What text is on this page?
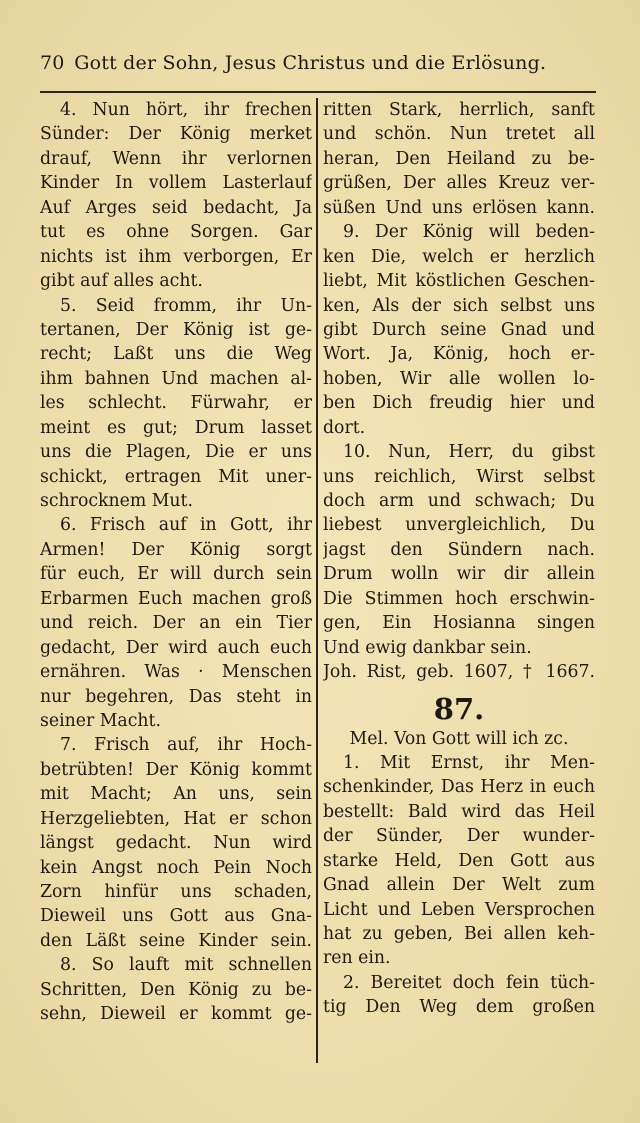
70 Gott der Sohn, Jesus Christus und die Erlösung.
4. Nun hört, ihr frechen
Sünder: Der König merket
drauf, Wenn ihr verlornen
Kinder In vollem Lasterlauf
Auf Arges seid bedacht, Ja
tut es ohne Sorgen. Gar
nichts ist ihm verborgen, Er
gibt auf alles acht.
5. Seid fromm, ihr Un-
tertanen, Der König ist ge-
recht; Laßt uns die Weg
ihm bahnen Und machen al-
les schlecht. Fürwahr, er
meint es gut; Drum lasset
uns die Plagen, Die er uns
schickt, ertragen Mit uner-
schrocknem Mut.
6. Frisch auf in Gott, ihr
Armen! Der König sorgt
für euch, Er will durch sein
Erbarmen Euch machen groß
und reich. Der an ein Tier
gedacht, Der wird auch euch
ernähren. Was · Menschen
nur begehren, Das steht in
seiner Macht.
7. Frisch auf, ihr Hoch-
betrübten! Der König kommt
mit Macht; An uns, sein
Herzgeliebten, Hat er schon
längst gedacht. Nun wird
kein Angst noch Pein Noch
Zorn hinfür uns schaden,
Dieweil uns Gott aus Gna-
den Läßt seine Kinder sein.
8. So lauft mit schnellen
Schritten, Den König zu be-
sehn, Dieweil er kommt ge-
ritten Stark, herrlich, sanft
und schön. Nun tretet all
heran, Den Heiland zu be-
grüßen, Der alles Kreuz ver-
süßen Und uns erlösen kann.
9. Der König will beden-
ken Die, welch er herzlich
liebt, Mit köstlichen Geschen-
ken, Als der sich selbst uns
gibt Durch seine Gnad und
Wort. Ja, König, hoch er-
hoben, Wir alle wollen lo-
ben Dich freudig hier und
dort.
10. Nun, Herr, du gibst
uns reichlich, Wirst selbst
doch arm und schwach; Du
liebest unvergleichlich, Du
jagst den Sündern nach.
Drum wolln wir dir allein
Die Stimmen hoch erschwin-
gen, Ein Hosianna singen
Und ewig dankbar sein.
Joh. Rist, geb. 1607, † 1667.
87.
Mel. Von Gott will ich zc.
1. Mit Ernst, ihr Men-
schenkinder, Das Herz in euch
bestellt: Bald wird das Heil
der Sünder, Der wunder-
starke Held, Den Gott aus
Gnad allein Der Welt zum
Licht und Leben Versprochen
hat zu geben, Bei allen keh-
ren ein.
2. Bereitet doch fein tüch-
tig Den Weg dem großen
